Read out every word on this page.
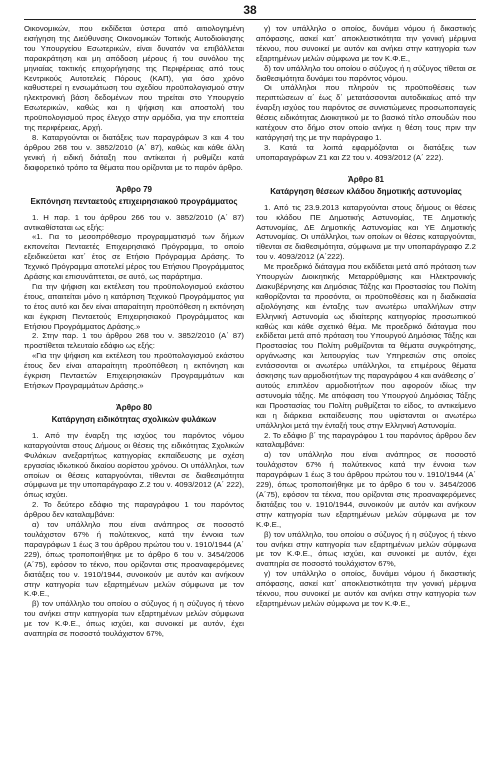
38

Οικονομικών, που εκδίδεται ύστερα από αιτιολογημένη εισήγηση της Διεύθυνσης Οικονομικών Τοπικής Αυτοδιοίκησης του Υπουργείου Εσωτερικών, είναι δυνατόν να επιβάλλεται παρακράτηση και μη απόδοση μέρους ή του συνόλου της μηνιαίας τακτικής επιχορήγησης της Περιφέρειας από τους Κεντρικούς Αυτοτελείς Πόρους (ΚΑΠ), για όσο χρόνο καθυστερεί η ενσωμάτωση του σχεδίου προϋπολογισμού στην ηλεκτρονική βάση δεδομένων που τηρείται στο Υπουργείο Εσωτερικών, καθώς και η ψήφιση και αποστολή του προϋπολογισμού προς έλεγχο στην αρμόδια, για την εποπτεία της περιφέρειας, Αρχή.

8. Καταργούνται οι διατάξεις των παραγράφων 3 και 4 του άρθρου 268 του ν. 3852/2010 (Α΄ 87), καθώς και κάθε άλλη γενική ή ειδική διάταξη που αντίκειται ή ρυθμίζει κατά διαφορετικό τρόπο τα θέματα που ορίζονται με το παρόν άρθρο.

Άρθρο 79
Εκπόνηση πενταετούς επιχειρησιακού προγράμματος

1. Η παρ. 1 του άρθρου 266 του ν. 3852/2010 (Α΄ 87) αντικαθίσταται ως εξής:

«1. Για το μεσοπρόθεσμο προγραμματισμό των δήμων εκπονείται Πενταετές Επιχειρησιακό Πρόγραμμα, το οποίο εξειδικεύεται κατ΄ έτος σε Ετήσιο Πρόγραμμα Δράσης. Το Τεχνικό Πρόγραμμα αποτελεί μέρος του Ετήσιου Προγράμματος Δράσης και επισυνάπτεται, σε αυτό, ως παράρτημα.

Για την ψήφιση και εκτέλεση του προϋπολογισμού εκάστου έτους, απαιτείται μόνο η κατάρτιση Τεχνικού Προγράμματος για το έτος αυτό και δεν είναι απαραίτητη προϋπόθεση η εκπόνηση και έγκριση Πενταετούς Επιχειρησιακού Προγράμματος και Ετήσιου Προγράμματος Δράσης.»

2. Στην παρ. 1 του άρθρου 268 του ν. 3852/2010 (Α΄ 87) προστίθεται τελευταίο εδάφιο ως εξής:

«Για την ψήφιση και εκτέλεση του προϋπολογισμού εκάστου έτους δεν είναι απαραίτητη προϋπόθεση η εκπόνηση και έγκριση Πενταετών Επιχειρησιακών Προγραμμάτων και Ετήσιων Προγραμμάτων Δράσης.»

Άρθρο 80
Κατάργηση ειδικότητας σχολικών φυλάκων

1. Από την έναρξη της ισχύος του παρόντος νόμου καταργούνται στους Δήμους οι θέσεις της ειδικότητας Σχολικών Φυλάκων ανεξαρτήτως κατηγορίας εκπαίδευσης με σχέση εργασίας ιδιωτικού δικαίου αορίστου χρόνου. Οι υπάλληλοι, των οποίων οι θέσεις καταργούνται, τίθενται σε διαθεσιμότητα σύμφωνα με την υποπαράγραφο Ζ.2 του ν. 4093/2012 (Α΄ 222), όπως ισχύει.

2. Το δεύτερο εδάφιο της παραγράφου 1 του παρόντος άρθρου δεν καταλαμβάνει:

α) τον υπάλληλο που είναι ανάπηρος σε ποσοστό τουλάχιστον 67% ή πολύτεκνος, κατά την έννοια των παραγράφων 1 έως 3 του άρθρου πρώτου του ν. 1910/1944 (Α΄ 229), όπως τροποποιήθηκε με το άρθρο 6 του ν. 3454/2006 (Α΄75), εφόσον το τέκνο, που ορίζονται στις προαναφερόμενες διατάξεις του ν. 1910/1944, συνοικούν με αυτόν και ανήκουν στην κατηγορία των εξαρτημένων μελών σύμφωνα με τον Κ.Φ.Ε.,

β) τον υπάλληλο του οποίου ο σύζυγος ή η σύζυγος ή τέκνο του ανήκει στην κατηγορία των εξαρτημένων μελών σύμφωνα με τον Κ.Φ.Ε., όπως ισχύει, και συνοικεί με αυτόν, έχει αναπηρία σε ποσοστό τουλάχιστον 67%,

γ) τον υπάλληλο ο οποίος, δυνάμει νόμου ή δικαστικής απόφασης, ασκεί κατ΄ αποκλειστικότητα την γονική μέριμνα τέκνου, που συνοικεί με αυτόν και ανήκει στην κατηγορία των εξαρτημένων μελών σύμφωνα με τον Κ.Φ.Ε.,

δ) τον υπάλληλο του οποίου ο σύζυγος ή η σύζυγος τίθεται σε διαθεσιμότητα δυνάμει του παρόντος νόμου.

Οι υπάλληλοι που πληρούν τις προϋποθέσεις των περιπτώσεων α΄ έως δ΄ μετατάσσονται αυτοδικαίως από την έναρξη ισχύος του παρόντος σε συνιστώμενες προσωποπαγείς θέσεις ειδικότητας Διοικητικού με το βασικό τίτλο σπουδών που κατέχουν στο δήμο στον οποίο ανήκε η θέση τους πριν την κατάργησή της με την παράγραφο 1.

3. Κατά τα λοιπά εφαρμόζονται οι διατάξεις των υποπαραγράφων Ζ1 και Ζ2 του ν. 4093/2012 (Α΄ 222).

Άρθρο 81
Κατάργηση θέσεων κλάδου δημοτικής αστυνομίας

1. Από τις 23.9.2013 καταργούνται στους δήμους οι θέσεις του κλάδου ΠΕ Δημοτικής Αστυνομίας, ΤΕ Δημοτικής Αστυνομίας, ΔΕ Δημοτικής Αστυνομίας και ΥΕ Δημοτικής Αστυνομίας. Οι υπάλληλοι, των οποίων οι θέσεις καταργούνται, τίθενται σε διαθεσιμότητα, σύμφωνα με την υποπαράγραφο Ζ.2 του ν. 4093/2012 (Α΄222).

Με προεδρικό διάταγμα που εκδίδεται μετά από πρόταση των Υπουργών Διοικητικής Μεταρρύθμισης και Ηλεκτρονικής Διακυβέρνησης και Δημόσιας Τάξης και Προστασίας του Πολίτη καθορίζονται τα προσόντα, οι προϋποθέσεις και η διαδικασία αξιολόγησης και ένταξης των ανωτέρω υπαλλήλων στην Ελληνική Αστυνομία ως ιδιαίτερης κατηγορίας προσωπικού καθώς και κάθε σχετικό θέμα. Με προεδρικό διάταγμα που εκδίδεται μετά από πρόταση του Υπουργού Δημόσιας Τάξης και Προστασίας του Πολίτη ρυθμίζονται τα θέματα συγκρότησης, οργάνωσης και λειτουργίας των Υπηρεσιών στις οποίες εντάσσονται οι ανωτέρω υπάλληλοι, τα επιμέρους θέματα άσκησης των αρμοδιοτήτων της παραγράφου 4 και ανάθεσης σ΄ αυτούς επιπλέον αρμοδιοτήτων που αφορούν ιδίως την αστυνομία τάξης. Με απόφαση του Υπουργού Δημόσιας Τάξης και Προστασίας του Πολίτη ρυθμίζεται το είδος, το αντικείμενο και η διάρκεια εκπαίδευσης που υφίστανται οι ανωτέρω υπάλληλοι μετά την ένταξή τους στην Ελληνική Αστυνομία.

2. Το εδάφιο β΄ της παραγράφου 1 του παρόντος άρθρου δεν καταλαμβάνει:

α) τον υπάλληλο που είναι ανάπηρος σε ποσοστό τουλάχιστον 67% ή πολύτεκνος κατά την έννοια των παραγράφων 1 έως 3 του άρθρου πρώτου του ν. 1910/1944 (Α΄ 229), όπως τροποποιήθηκε με το άρθρο 6 του ν. 3454/2006 (Α΄75), εφόσον τα τέκνα, που ορίζονται στις προαναφερόμενες διατάξεις του ν. 1910/1944, συνοικούν με αυτόν και ανήκουν στην κατηγορία των εξαρτημένων μελών σύμφωνα με τον Κ.Φ.Ε.,

β) τον υπάλληλο, του οποίου ο σύζυγος ή η σύζυγος ή τέκνο του ανήκει στην κατηγορία των εξαρτημένων μελών σύμφωνα με τον Κ.Φ.Ε., όπως ισχύει, και συνοικεί με αυτόν, έχει αναπηρία σε ποσοστό τουλάχιστον 67%,

γ) τον υπάλληλο ο οποίος, δυνάμει νόμου ή δικαστικής απόφασης, ασκεί κατ΄ αποκλειστικότητα την γονική μέριμνα τέκνου, που συνοικεί με αυτόν και ανήκει στην κατηγορία των εξαρτημένων μελών σύμφωνα με τον Κ.Φ.Ε.,
